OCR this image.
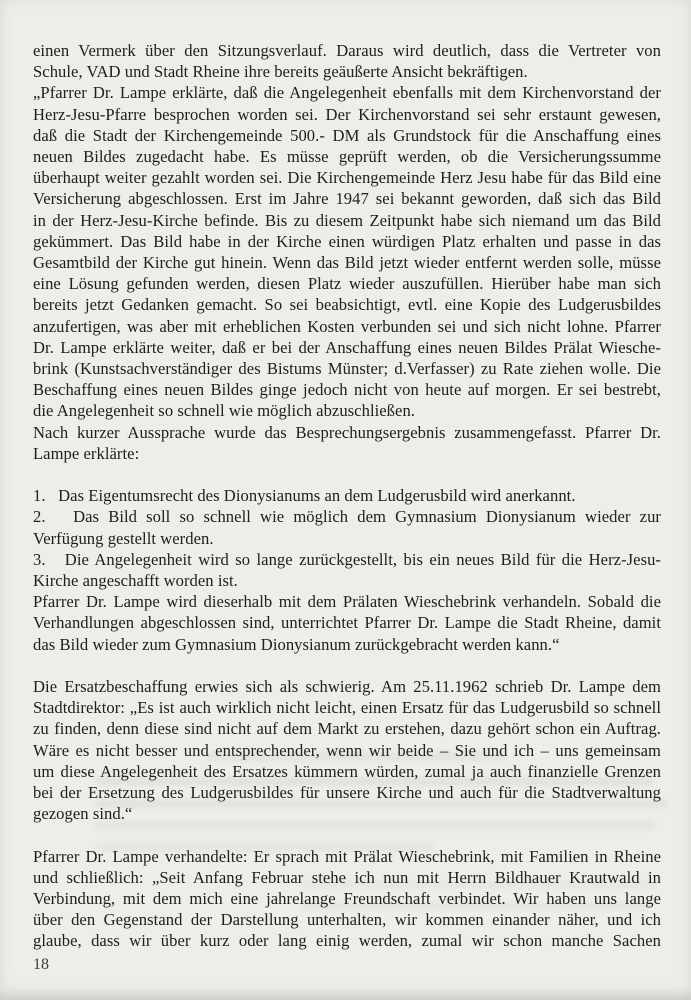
einen Vermerk über den Sitzungsverlauf. Daraus wird deutlich, dass die Vertreter von
Schule, VAD und Stadt Rheine ihre bereits geäußerte Ansicht bekräftigen.
„Pfarrer Dr. Lampe erklärte, daß die Angelegenheit ebenfalls mit dem Kirchenvorstand der
Herz-Jesu-Pfarre besprochen worden sei. Der Kirchenvorstand sei sehr erstaunt gewesen,
daß die Stadt der Kirchengemeinde 500.- DM als Grundstock für die Anschaffung eines
neuen Bildes zugedacht habe. Es müsse geprüft werden, ob die Versicherungssumme
überhaupt weiter gezahlt worden sei. Die Kirchengemeinde Herz Jesu habe für das Bild eine
Versicherung abgeschlossen. Erst im Jahre 1947 sei bekannt geworden, daß sich das Bild
in der Herz-Jesu-Kirche befinde. Bis zu diesem Zeitpunkt habe sich niemand um das Bild
gekümmert. Das Bild habe in der Kirche einen würdigen Platz erhalten und passe in das
Gesamtbild der Kirche gut hinein. Wenn das Bild jetzt wieder entfernt werden solle, müsse
eine Lösung gefunden werden, diesen Platz wieder auszufüllen. Hierüber habe man sich
bereits jetzt Gedanken gemacht. So sei beabsichtigt, evtl. eine Kopie des Ludgerusbildes
anzufertigen, was aber mit erheblichen Kosten verbunden sei und sich nicht lohne. Pfarrer
Dr. Lampe erklärte weiter, daß er bei der Anschaffung eines neuen Bildes Prälat Wiesche-
brink (Kunstsachverständiger des Bistums Münster; d.Verfasser) zu Rate ziehen wolle. Die
Beschaffung eines neuen Bildes ginge jedoch nicht von heute auf morgen. Er sei bestrebt,
die Angelegenheit so schnell wie möglich abzuschließen.
Nach kurzer Aussprache wurde das Besprechungsergebnis zusammengefasst. Pfarrer Dr.
Lampe erklärte:
1.   Das Eigentumsrecht des Dionysianums an dem Ludgerusbild wird anerkannt.
2.   Das Bild soll so schnell wie möglich dem Gymnasium Dionysianum wieder zur
Verfügung gestellt werden.
3.   Die Angelegenheit wird so lange zurückgestellt, bis ein neues Bild für die Herz-Jesu-
Kirche angeschafft worden ist.
Pfarrer Dr. Lampe wird dieserhalb mit dem Prälaten Wieschebrink verhandeln. Sobald die
Verhandlungen abgeschlossen sind, unterrichtet Pfarrer Dr. Lampe die Stadt Rheine, damit
das Bild wieder zum Gymnasium Dionysianum zurückgebracht werden kann.“
Die Ersatzbeschaffung erwies sich als schwierig. Am 25.11.1962 schrieb Dr. Lampe dem
Stadtdirektor: „Es ist auch wirklich nicht leicht, einen Ersatz für das Ludgerusbild so schnell
zu finden, denn diese sind nicht auf dem Markt zu erstehen, dazu gehört schon ein Auftrag.
Wäre es nicht besser und entsprechender, wenn wir beide – Sie und ich – uns gemeinsam
um diese Angelegenheit des Ersatzes kümmern würden, zumal ja auch finanzielle Grenzen
bei der Ersetzung des Ludgerusbildes für unsere Kirche und auch für die Stadtverwaltung
gezogen sind.“
Pfarrer Dr. Lampe verhandelte: Er sprach mit Prälat Wieschebrink, mit Familien in Rheine
und schließlich: „Seit Anfang Februar stehe ich nun mit Herrn Bildhauer Krautwald in
Verbindung, mit dem mich eine jahrelange Freundschaft verbindet. Wir haben uns lange
über den Gegenstand der Darstellung unterhalten, wir kommen einander näher, und ich
glaube, dass wir über kurz oder lang einig werden, zumal wir schon manche Sachen
18
